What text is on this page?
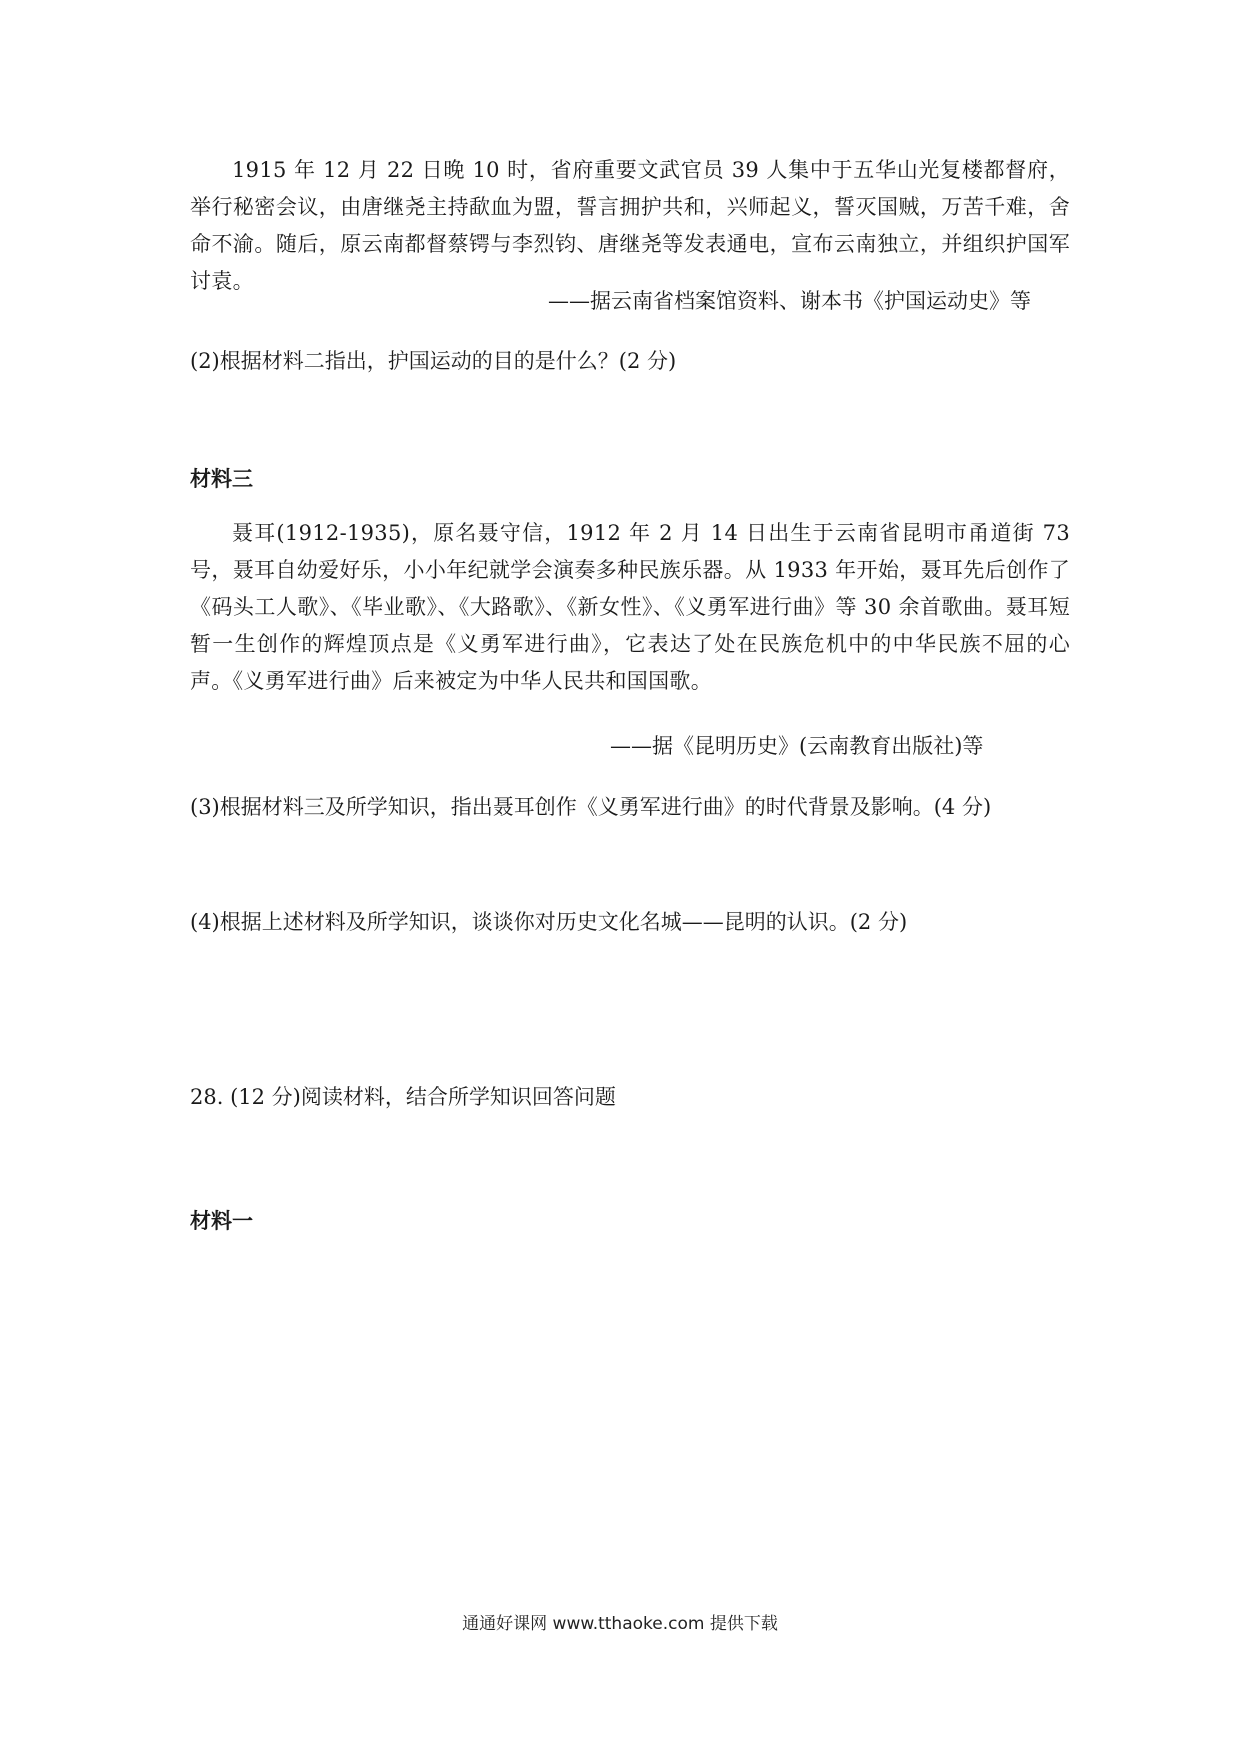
1915 年 12 月 22 日晚 10 时，省府重要文武官员 39 人集中于五华山光复楼都督府，举行秘密会议，由唐继尧主持歃血为盟，誓言拥护共和，兴师起义，誓灭国贼，万苦千难，舍命不渝。随后，原云南都督蔡锷与李烈钧、唐继尧等发表通电，宣布云南独立，并组织护国军讨袁。

——据云南省档案馆资料、谢本书《护国运动史》等

(2)根据材料二指出，护国运动的目的是什么？(2 分)

材料三

聂耳(1912-1935)，原名聂守信，1912 年 2 月 14 日出生于云南省昆明市甬道街 73 号，聂耳自幼爱好乐，小小年纪就学会演奏多种民族乐器。从 1933 年开始，聂耳先后创作了《码头工人歌》、《毕业歌》、《大路歌》、《新女性》、《义勇军进行曲》等 30 余首歌曲。聂耳短暂一生创作的辉煌顶点是《义勇军进行曲》，它表达了处在民族危机中的中华民族不屈的心声。《义勇军进行曲》后来被定为中华人民共和国国歌。

——据《昆明历史》(云南教育出版社)等

(3)根据材料三及所学知识，指出聂耳创作《义勇军进行曲》的时代背景及影响。(4 分)

(4)根据上述材料及所学知识，谈谈你对历史文化名城——昆明的认识。(2 分)

28. (12 分)阅读材料，结合所学知识回答问题

材料一

通通好课网 www.tthaoke.com 提供下载
